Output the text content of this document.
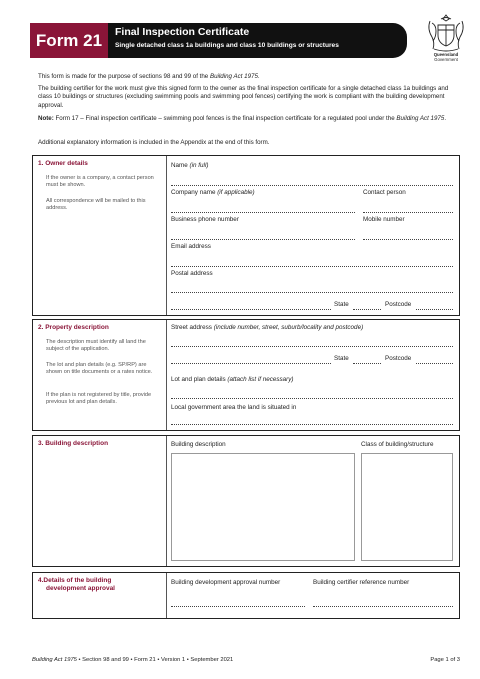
Form 21	Final Inspection Certificate
Single detached class 1a buildings and class 10 buildings or structures
Queensland
Government
This form is made for the purpose of sections 98 and 99 of the Building Act 1975.
The building certifier for the work must give this signed form to the owner as the final inspection certificate for a single detached class 1a buildings and class 10 buildings or structures (excluding swimming pools and swimming pool fences) certifying the work is compliant with the building development approval.
Note: Form 17 – Final inspection certificate – swimming pool fences is the final inspection certificate for a regulated pool under the Building Act 1975.
Additional explanatory information is included in the Appendix at the end of this form.
1. Owner details
If the owner is a company, a contact person must be shown.
All correspondence will be mailed to this address.
Name (in full)
Company name (if applicable)	Contact person
Business phone number	Mobile number
Email address
Postal address
State	Postcode
2. Property description
The description must identify all land the subject of the application.
The lot and plan details (e.g. SP/RP) are shown on title documents or a rates notice.
If the plan is not registered by title, provide previous lot and plan details.
Street address (include number, street, suburb/locality and postcode)
State	Postcode
Lot and plan details (attach list if necessary)
Local government area the land is situated in
3. Building description	Building description	Class of building/structure
4.Details of the building
development approval
Building development approval number	Building certifier reference number
Building Act 1975 • Section 98 and 99 • Form 21 • Version 1 • September 2021	Page 1 of 3
